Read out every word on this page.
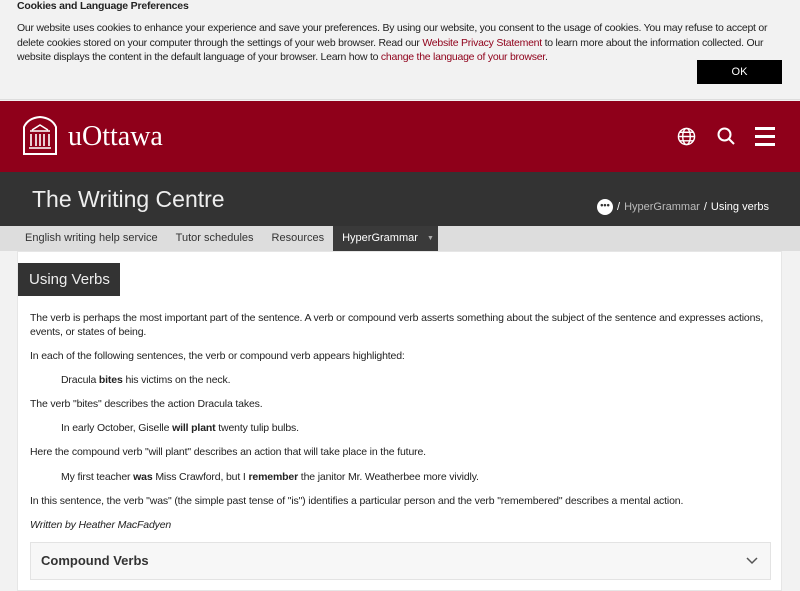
Cookies and Language Preferences

Our website uses cookies to enhance your experience and save your preferences. By using our website, you consent to the usage of cookies. You may refuse to accept or delete cookies stored on your computer through the settings of your web browser. Read our Website Privacy Statement to learn more about the information collected. Our website displays the content in the default language of your browser. Learn how to change the language of your browser.

OK
uOttawa
The Writing Centre	••• / HyperGrammar / Using verbs
English writing help service	Tutor schedules	Resources	HyperGrammar ▼
Using Verbs

The verb is perhaps the most important part of the sentence. A verb or compound verb asserts something about the subject of the sentence and expresses actions, events, or states of being.

In each of the following sentences, the verb or compound verb appears highlighted:

Dracula bites his victims on the neck.

The verb "bites" describes the action Dracula takes.

In early October, Giselle will plant twenty tulip bulbs.

Here the compound verb "will plant" describes an action that will take place in the future.

My first teacher was Miss Crawford, but I remember the janitor Mr. Weatherbee more vividly.

In this sentence, the verb "was" (the simple past tense of "is") identifies a particular person and the verb "remembered" describes a mental action.

Written by Heather MacFadyen

Compound Verbs
